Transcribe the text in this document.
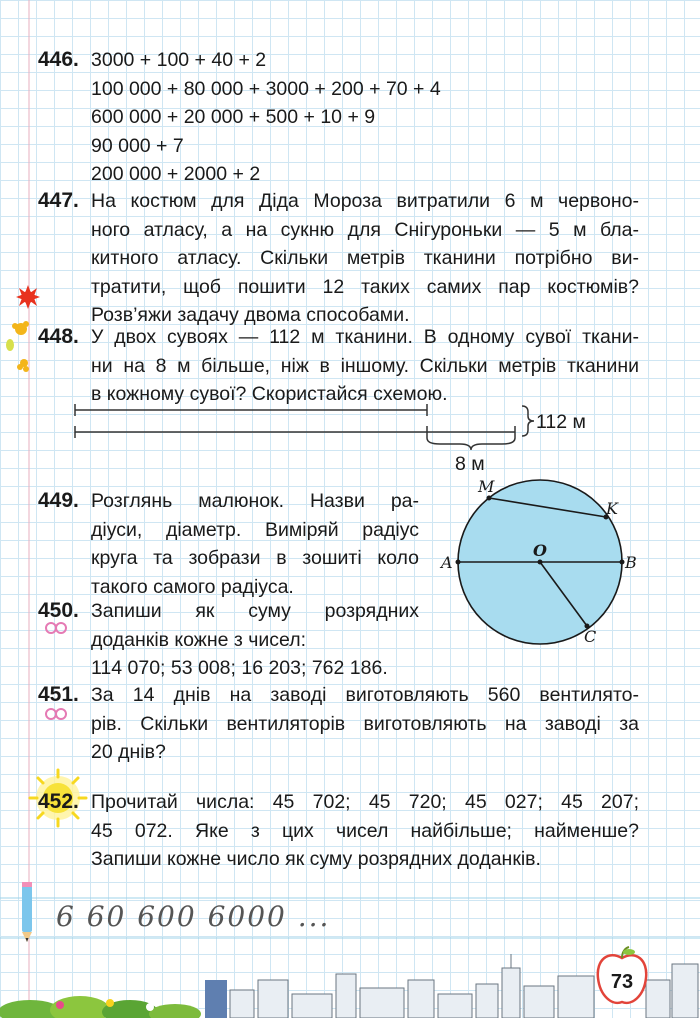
446. 3000 + 100 + 40 + 2
100 000 + 80 000 + 3000 + 200 + 70 + 4
600 000 + 20 000 + 500 + 10 + 9
90 000 + 7
200 000 + 2000 + 2
447. На костюм для Діда Мороза витратили 6 м червоно-
ного атласу, а на сукню для Снігуроньки — 5 м бла-
китного атласу. Скільки метрів тканини потрібно ви-
тратити, щоб пошити 12 таких самих пар костюмів?
Розв’яжи задачу двома способами.
448. У двох сувоях — 112 м тканини. В одному сувої ткани-
ни на 8 м більше, ніж в іншому. Скільки метрів тканини
в кожному сувої? Скористайся схемою.
112 м
8 м
449. Розглянь малюнок. Назви ра-
діуси, діаметр. Виміряй радіус
круга та зобрази в зошиті коло
такого самого радіуса.
M
K
A
O
B
C
450. Запиши як суму розрядних
доданків кожне з чисел:
114 070; 53 008; 16 203; 762 186.
451. За 14 днів на заводі виготовляють 560 вентилято-
рів. Скільки вентиляторів виготовляють на заводі за
20 днів?
452. Прочитай числа: 45 702; 45 720; 45 027; 45 207;
45 072. Яке з цих чисел найбільше; найменше?
Запиши кожне число як суму розрядних доданків.
6 60 600 6000 ...
73
